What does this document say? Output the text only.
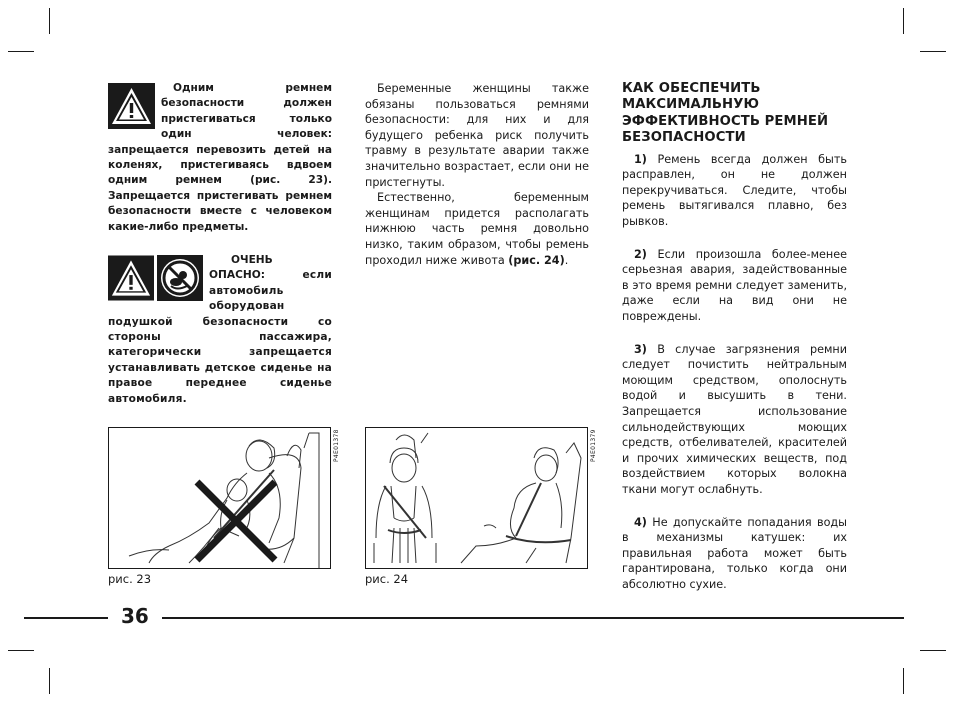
Одним ремнем безопасности должен пристегиваться только один человек: запрещается перевозить детей на коленях, пристегиваясь вдвоем одним ремнем (рис. 23). Запрещается пристегивать ремнем безопасности вместе с человеком какие-либо предметы.

ОЧЕНЬ ОПАСНО: если автомобиль оборудован подушкой безопасности со стороны пассажира, категорически запрещается устанавливать детское сиденье на правое переднее сиденье автомобиля.

Беременные женщины также обязаны пользоваться ремнями безопасности: для них и для будущего ребенка риск получить травму в результате аварии также значительно возрастает, если они не пристегнуты.

Естественно, беременным женщинам придется располагать нижнюю часть ремня довольно низко, таким образом, чтобы ремень проходил ниже живота (рис. 24).

КАК ОБЕСПЕЧИТЬ МАКСИМАЛЬНУЮ ЭФФЕКТИВНОСТЬ РЕМНЕЙ БЕЗОПАСНОСТИ

1) Ремень всегда должен быть расправлен, он не должен перекручиваться. Следите, чтобы ремень вытягивался плавно, без рывков.

2) Если произошла более-менее серьезная авария, задействованные в это время ремни следует заменить, даже если на вид они не повреждены.

3) В случае загрязнения ремни следует почистить нейтральным моющим средством, ополоснуть водой и высушить в тени. Запрещается использование сильнодействующих моющих средств, отбеливателей, красителей и прочих химических веществ, под воздействием которых волокна ткани могут ослабнуть.

4) Не допускайте попадания воды в механизмы катушек: их правильная работа может быть гарантирована, только когда они абсолютно сухие.

P4E01378
рис. 23
P4E01379
рис. 24
36
